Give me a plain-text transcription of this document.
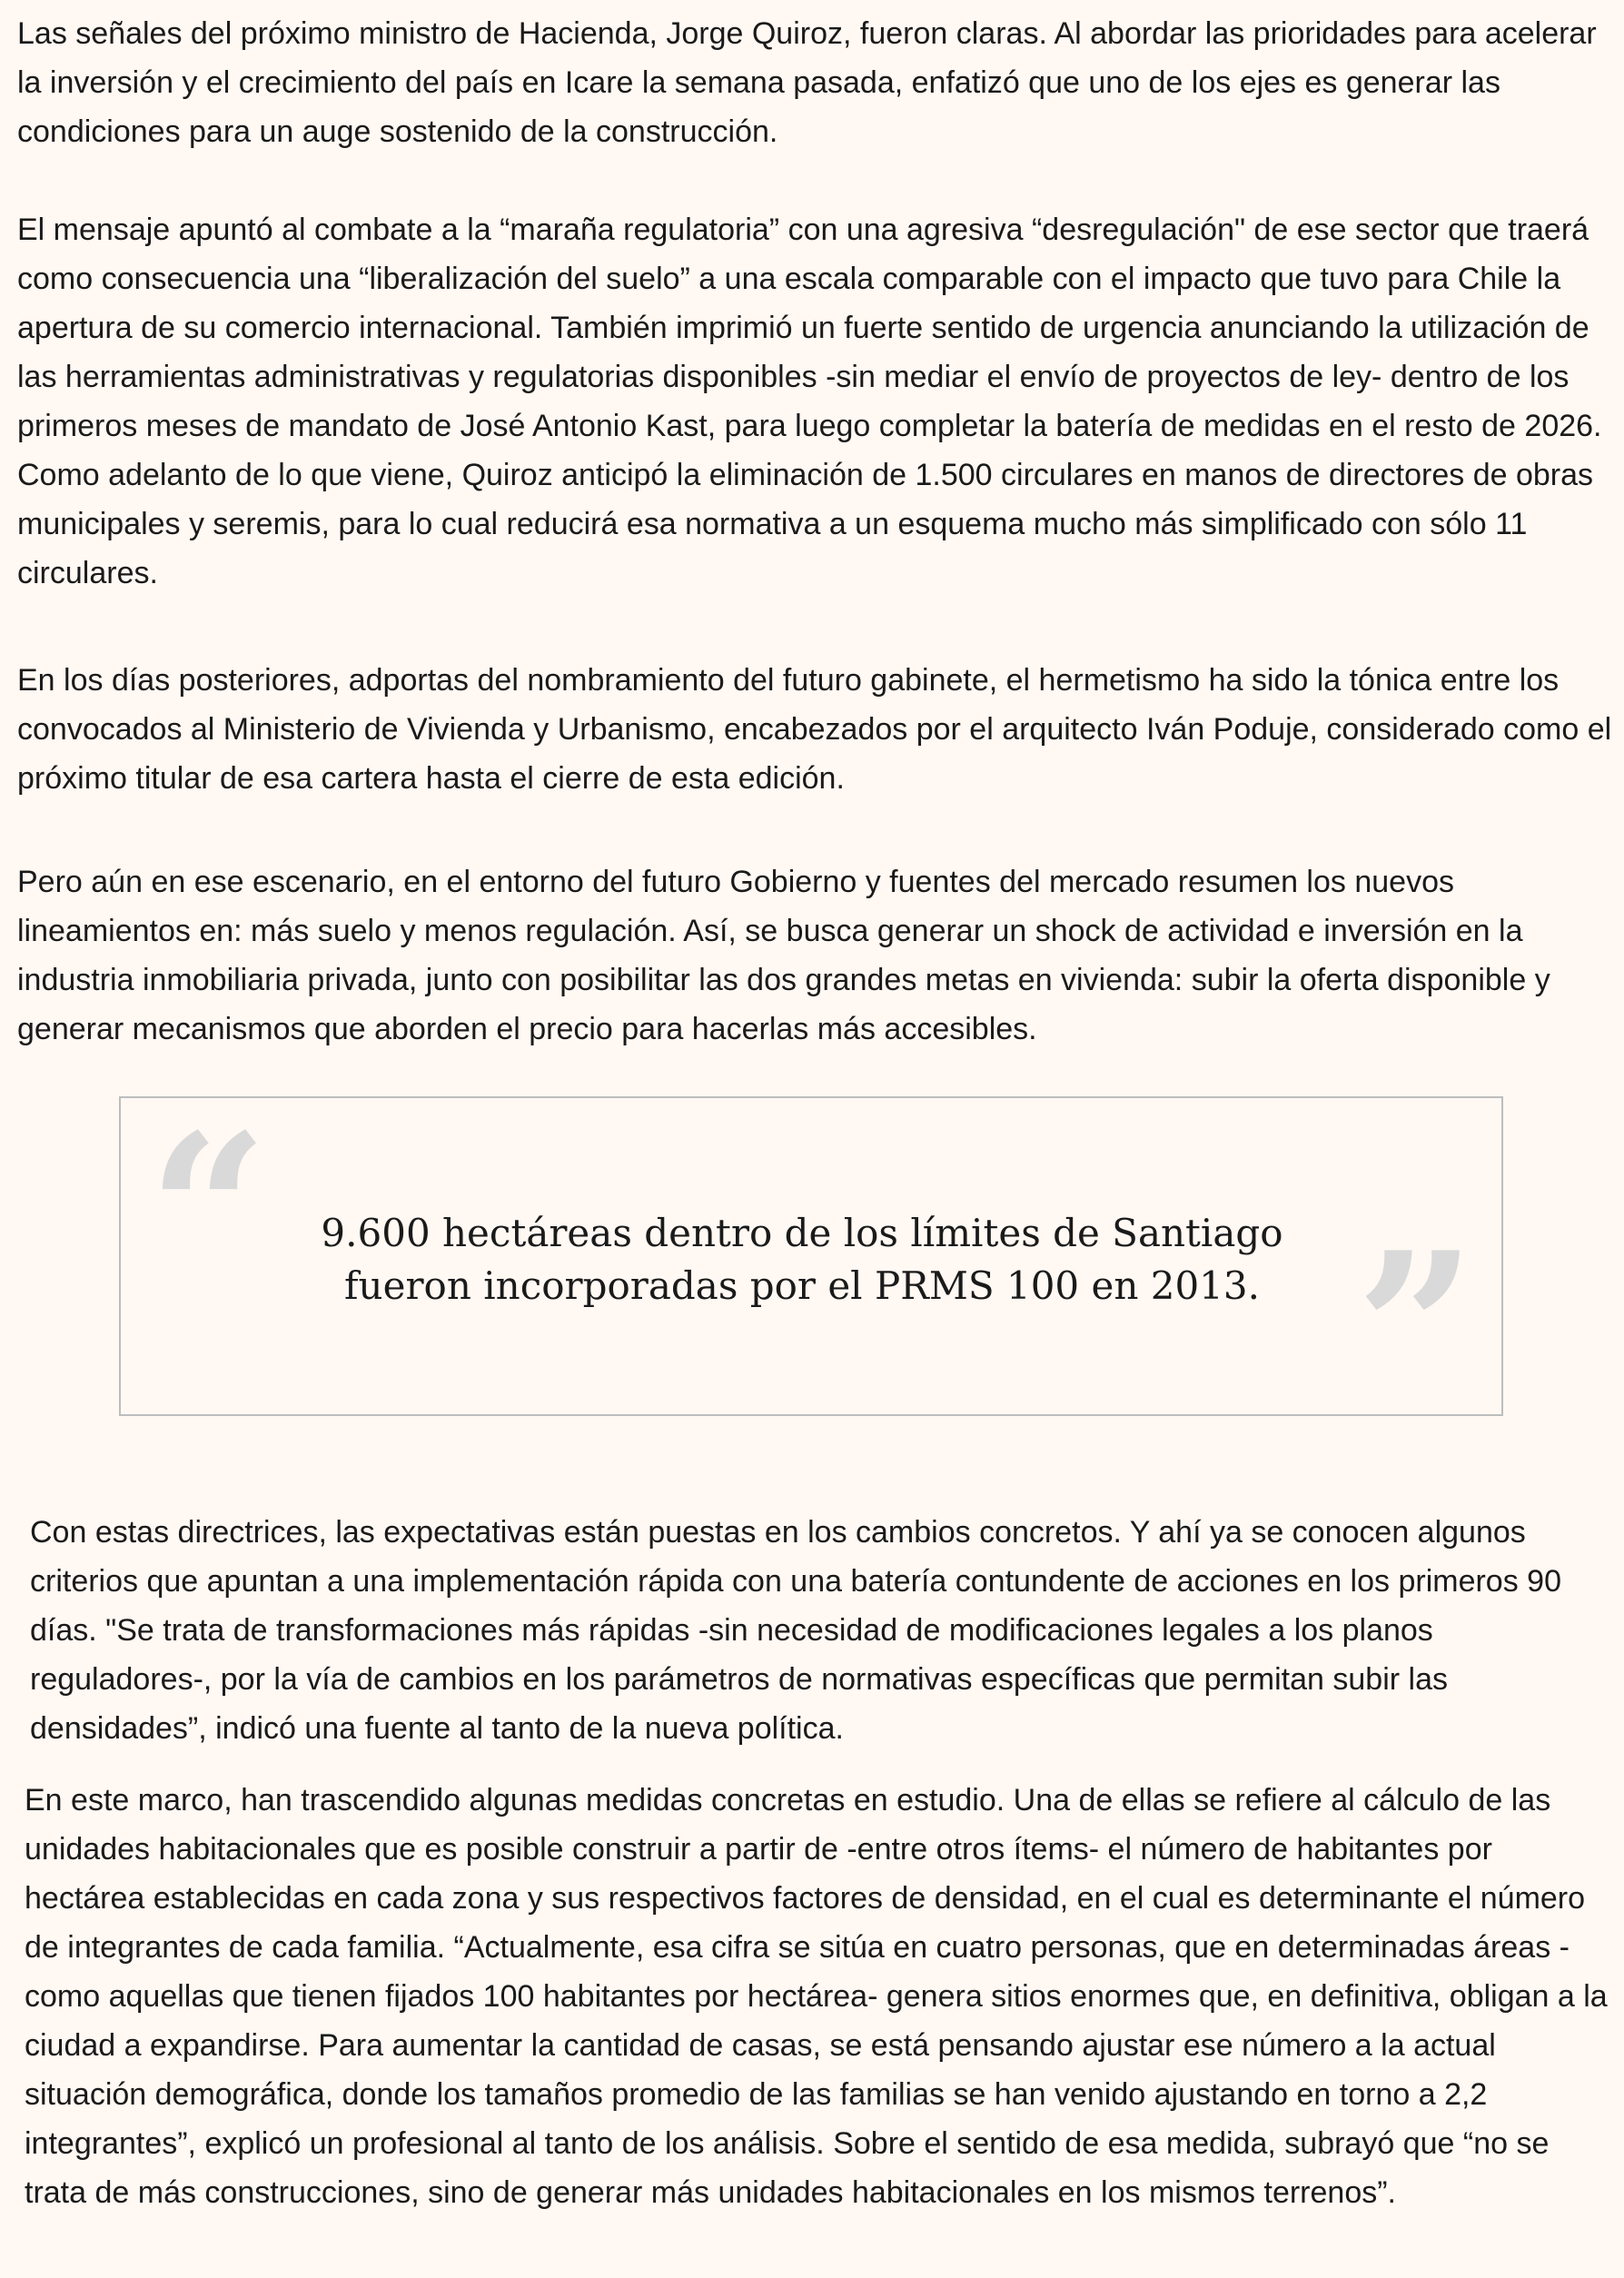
Las señales del próximo ministro de Hacienda, Jorge Quiroz, fueron claras. Al abordar las prioridades para acelerar la inversión y el crecimiento del país en Icare la semana pasada, enfatizó que uno de los ejes es generar las condiciones para un auge sostenido de la construcción.

El mensaje apuntó al combate a la “maraña regulatoria” con una agresiva “desregulación" de ese sector que traerá como consecuencia una “liberalización del suelo” a una escala comparable con el impacto que tuvo para Chile la apertura de su comercio internacional. También imprimió un fuerte sentido de urgencia anunciando la utilización de las herramientas administrativas y regulatorias disponibles -sin mediar el envío de proyectos de ley- dentro de los primeros meses de mandato de José Antonio Kast, para luego completar la batería de medidas en el resto de 2026. Como adelanto de lo que viene, Quiroz anticipó la eliminación de 1.500 circulares en manos de directores de obras municipales y seremis, para lo cual reducirá esa normativa a un esquema mucho más simplificado con sólo 11 circulares.

En los días posteriores, adportas del nombramiento del futuro gabinete, el hermetismo ha sido la tónica entre los convocados al Ministerio de Vivienda y Urbanismo, encabezados por el arquitecto Iván Poduje, considerado como el próximo titular de esa cartera hasta el cierre de esta edición.

Pero aún en ese escenario, en el entorno del futuro Gobierno y fuentes del mercado resumen los nuevos lineamientos en: más suelo y menos regulación. Así, se busca generar un shock de actividad e inversión en la industria inmobiliaria privada, junto con posibilitar las dos grandes metas en vivienda: subir la oferta disponible y generar mecanismos que aborden el precio para hacerlas más accesibles.

“	9.600 hectáreas dentro de los límites de Santiago
fueron incorporadas por el PRMS 100 en 2013. ”

Con estas directrices, las expectativas están puestas en los cambios concretos. Y ahí ya se conocen algunos criterios que apuntan a una implementación rápida con una batería contundente de acciones en los primeros 90 días. "Se trata de transformaciones más rápidas -sin necesidad de modificaciones legales a los planos reguladores-, por la vía de cambios en los parámetros de normativas específicas que permitan subir las densidades”, indicó una fuente al tanto de la nueva política.

En este marco, han trascendido algunas medidas concretas en estudio. Una de ellas se refiere al cálculo de las unidades habitacionales que es posible construir a partir de -entre otros ítems- el número de habitantes por hectárea establecidas en cada zona y sus respectivos factores de densidad, en el cual es determinante el número de integrantes de cada familia. “Actualmente, esa cifra se sitúa en cuatro personas, que en determinadas áreas -como aquellas que tienen fijados 100 habitantes por hectárea- genera sitios enormes que, en definitiva, obligan a la ciudad a expandirse. Para aumentar la cantidad de casas, se está pensando ajustar ese número a la actual situación demográfica, donde los tamaños promedio de las familias se han venido ajustando en torno a 2,2 integrantes”, explicó un profesional al tanto de los análisis. Sobre el sentido de esa medida, subrayó que “no se trata de más construcciones, sino de generar más unidades habitacionales en los mismos terrenos”.
